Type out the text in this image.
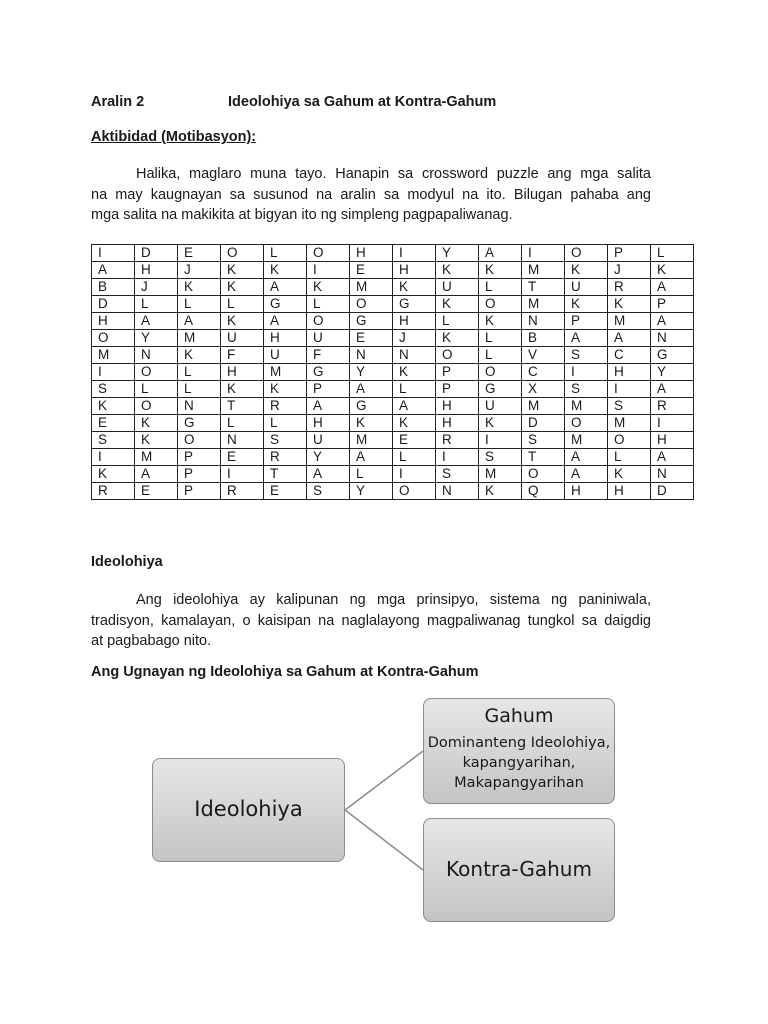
Aralin 2	Ideolohiya sa Gahum at Kontra-Gahum
Aktibidad (Motibasyon):
Halika, maglaro muna tayo. Hanapin sa crossword puzzle ang mga salita
na may kaugnayan sa susunod na aralin sa modyul na ito. Bilugan pahaba ang
mga salita na makikita at bigyan ito ng simpleng pagpapaliwanag.
I	D	E	O	L	O	H	I	Y	A	I	O	P	L
A	H	J	K	K	I	E	H	K	K	M	K	J	K
B	J	K	K	A	K	M	K	U	L	T	U	R	A
D	L	L	L	G	L	O	G	K	O	M	K	K	P
H	A	A	K	A	O	G	H	L	K	N	P	M	A
O	Y	M	U	H	U	E	J	K	L	B	A	A	N
M	N	K	F	U	F	N	N	O	L	V	S	C	G
I	O	L	H	M	G	Y	K	P	O	C	I	H	Y
S	L	L	K	K	P	A	L	P	G	X	S	I	A
K	O	N	T	R	A	G	A	H	U	M	M	S	R
E	K	G	L	L	H	K	K	H	K	D	O	M	I
S	K	O	N	S	U	M	E	R	I	S	M	O	H
I	M	P	E	R	Y	A	L	I	S	T	A	L	A
K	A	P	I	T	A	L	I	S	M	O	A	K	N
R	E	P	R	E	S	Y	O	N	K	Q	H	H	D
Ideolohiya
Ang ideolohiya ay kalipunan ng mga prinsipyo, sistema ng paniniwala,
tradisyon, kamalayan, o kaisipan na naglalayong magpaliwanag tungkol sa daigdig
at pagbabago nito.
Ang Ugnayan ng Ideolohiya sa Gahum at Kontra-Gahum
Ideolohiya
Gahum
Dominanteng Ideolohiya,
kapangyarihan,
Makapangyarihan
Kontra-Gahum
